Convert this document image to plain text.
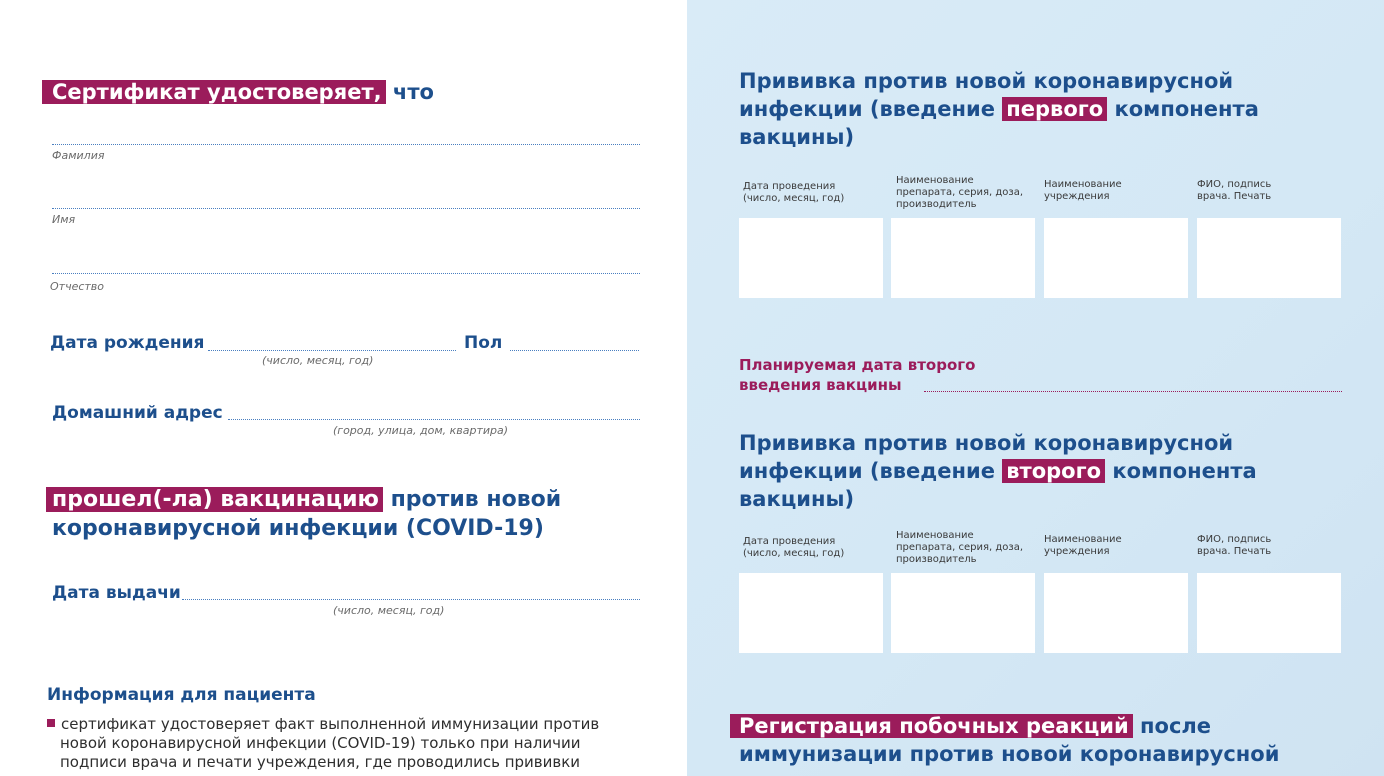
Сертификат удостоверяет, что
Фамилия
Имя
Отчество
Дата рождения
(число, месяц, год)
Пол
Домашний адрес
(город, улица, дом, квартира)
прошел(-ла) вакцинацию против новой
коронавирусной инфекции (COVID-19)
Дата выдачи
(число, месяц, год)
Информация для пациента
сертификат удостоверяет факт выполненной иммунизации против
новой коронавирусной инфекции (COVID-19) только при наличии
подписи врача и печати учреждения, где проводились прививки
Прививка против новой коронавирусной
инфекции (введение первого компонента
вакцины)
Дата проведения
(число, месяц, год)
Наименование
препарата, серия, доза,
производитель
Наименование
учреждения
ФИО, подпись
врача. Печать
Планируемая дата второго
введения вакцины
Прививка против новой коронавирусной
инфекции (введение второго компонента
вакцины)
Дата проведения
(число, месяц, год)
Наименование
препарата, серия, доза,
производитель
Наименование
учреждения
ФИО, подпись
врача. Печать
Регистрация побочных реакций после
иммунизации против новой коронавирусной
